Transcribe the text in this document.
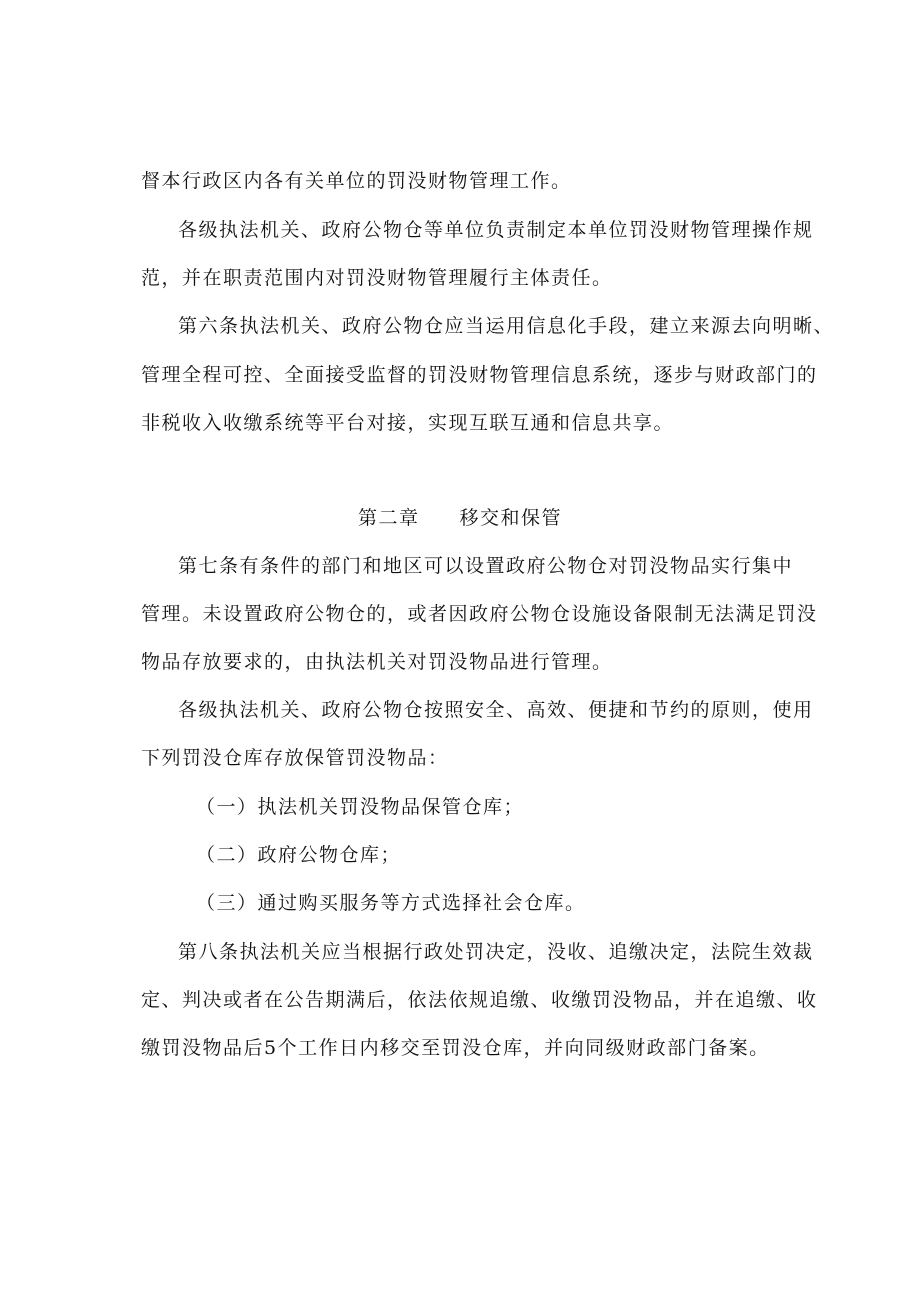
督本行政区内各有关单位的罚没财物管理工作。
各级执法机关、政府公物仓等单位负责制定本单位罚没财物管理操作规
范，并在职责范围内对罚没财物管理履行主体责任。
第六条执法机关、政府公物仓应当运用信息化手段，建立来源去向明晰、
管理全程可控、全面接受监督的罚没财物管理信息系统，逐步与财政部门的
非税收入收缴系统等平台对接，实现互联互通和信息共享。
第二章 移交和保管
第七条有条件的部门和地区可以设置政府公物仓对罚没物品实行集中
管理。未设置政府公物仓的，或者因政府公物仓设施设备限制无法满足罚没
物品存放要求的，由执法机关对罚没物品进行管理。
各级执法机关、政府公物仓按照安全、高效、便捷和节约的原则，使用
下列罚没仓库存放保管罚没物品：
（一）执法机关罚没物品保管仓库；
（二）政府公物仓库；
（三）通过购买服务等方式选择社会仓库。
第八条执法机关应当根据行政处罚决定，没收、追缴决定，法院生效裁
定、判决或者在公告期满后，依法依规追缴、收缴罚没物品，并在追缴、收
缴罚没物品后5个工作日内移交至罚没仓库，并向同级财政部门备案。
